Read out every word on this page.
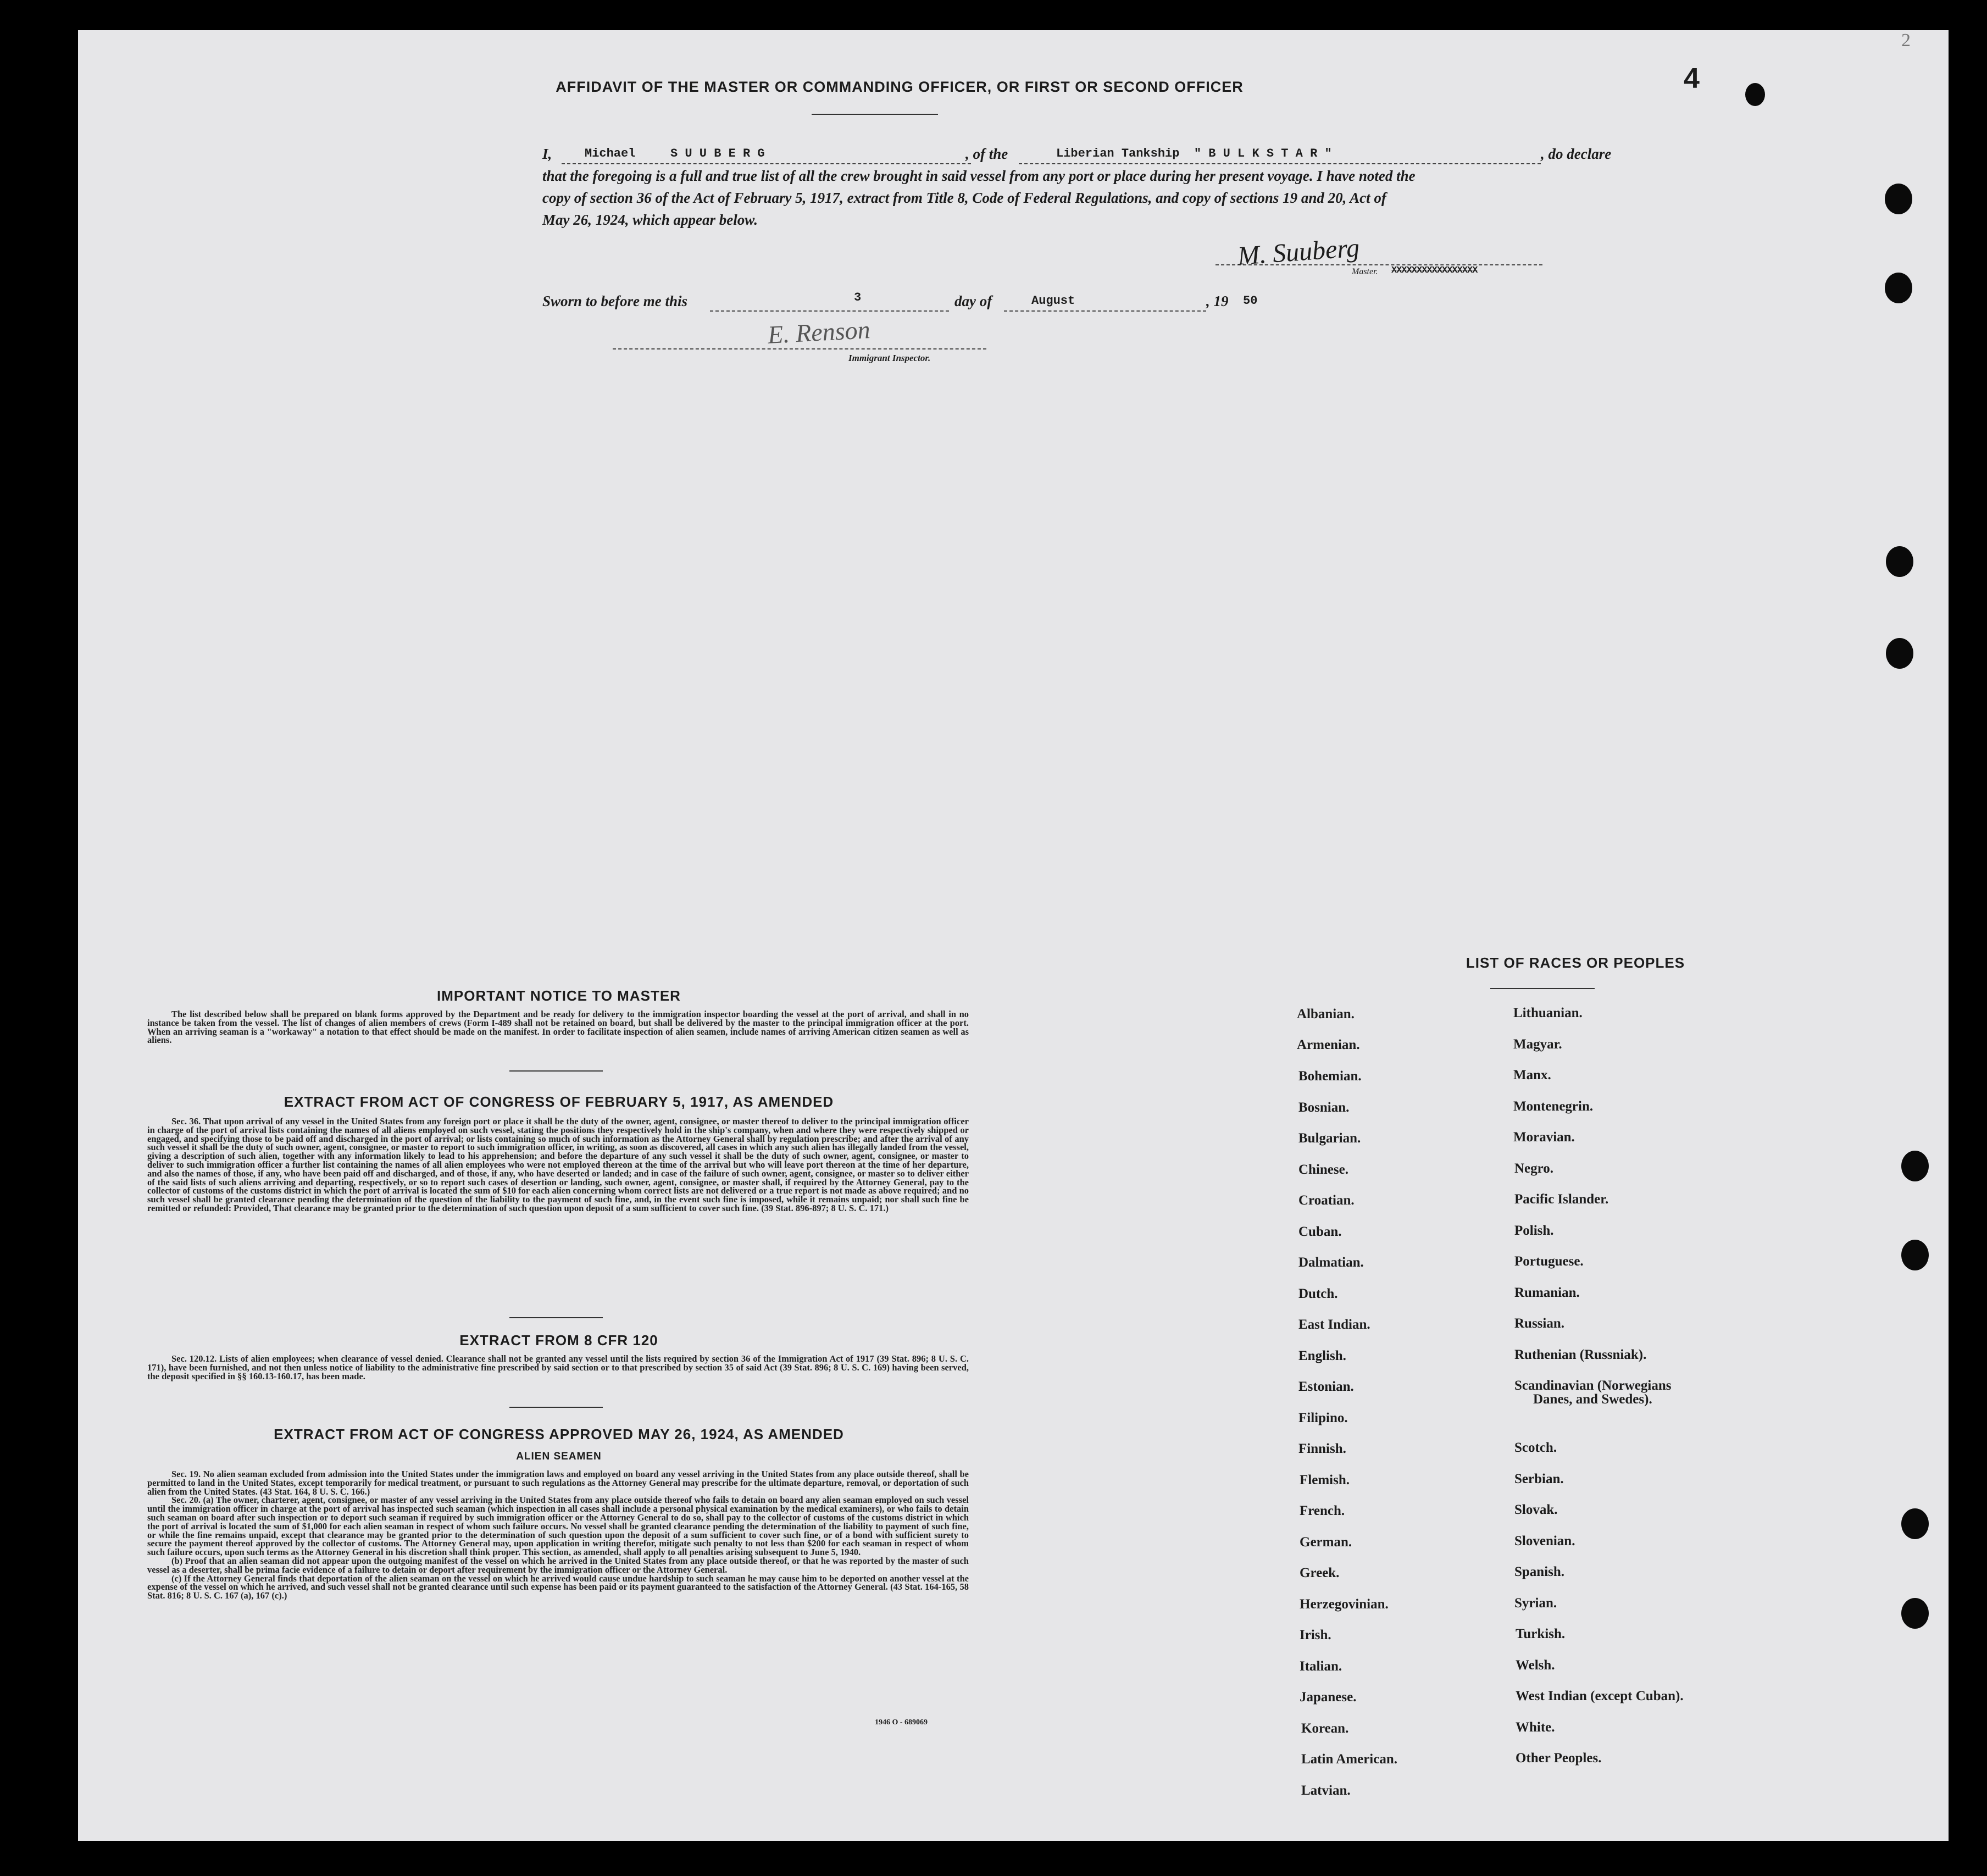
4
2
AFFIDAVIT OF THE MASTER OR COMMANDING OFFICER, OR FIRST OR SECOND OFFICER
I,	Michael	S U U B E R G	, of the	Liberian Tankship  " B U L K S T A R "	, do declare
that the foregoing is a full and true list of all the crew brought in said vessel from any port or place during her present voyage. I have noted the
copy of section 36 of the Act of February 5, 1917, extract from Title 8, Code of Federal Regulations, and copy of sections 19 and 20, Act of
May 26, 1924, which appear below.
M. Suuberg
Master. XXXXXXXXXXXXXXXXX
Sworn to before me this	3	day of	August	, 19 50
E. Renson
Immigrant Inspector.
IMPORTANT NOTICE TO MASTER

The list described below shall be prepared on blank forms approved by the Department and be ready for delivery to the immigration inspector boarding the vessel at the port of arrival, and shall in no instance be taken from the vessel. The list of changes of alien members of crews (Form I-489 shall not be retained on board, but shall be delivered by the master to the principal immigration officer at the port. When an arriving seaman is a "workaway" a notation to that effect should be made on the manifest. In order to facilitate inspection of alien seamen, include names of arriving American citizen seamen as well as aliens.

EXTRACT FROM ACT OF CONGRESS OF FEBRUARY 5, 1917, AS AMENDED

Sec. 36. That upon arrival of any vessel in the United States from any foreign port or place it shall be the duty of the owner, agent, consignee, or master thereof to deliver to the principal immigration officer in charge of the port of arrival lists containing the names of all aliens employed on such vessel, stating the positions they respectively hold in the ship's company, when and where they were respectively shipped or engaged, and specifying those to be paid off and discharged in the port of arrival; or lists containing so much of such information as the Attorney General shall by regulation prescribe; and after the arrival of any such vessel it shall be the duty of such owner, agent, consignee, or master to report to such immigration officer, in writing, as soon as discovered, all cases in which any such alien has illegally landed from the vessel, giving a description of such alien, together with any information likely to lead to his apprehension; and before the departure of any such vessel it shall be the duty of such owner, agent, consignee, or master to deliver to such immigration officer a further list containing the names of all alien employees who were not employed thereon at the time of the arrival but who will leave port thereon at the time of her departure, and also the names of those, if any, who have been paid off and discharged, and of those, if any, who have deserted or landed; and in case of the failure of such owner, agent, consignee, or master so to deliver either of the said lists of such aliens arriving and departing, respectively, or so to report such cases of desertion or landing, such owner, agent, consignee, or master shall, if required by the Attorney General, pay to the collector of customs of the customs district in which the port of arrival is located the sum of $10 for each alien concerning whom correct lists are not delivered or a true report is not made as above required; and no such vessel shall be granted clearance pending the determination of the question of the liability to the payment of such fine, and, in the event such fine is imposed, while it remains unpaid; nor shall such fine be remitted or refunded: Provided, That clearance may be granted prior to the determination of such question upon deposit of a sum sufficient to cover such fine. (39 Stat. 896-897; 8 U. S. C. 171.)

EXTRACT FROM 8 CFR 120

Sec. 120.12. Lists of alien employees; when clearance of vessel denied. Clearance shall not be granted any vessel until the lists required by section 36 of the Immigration Act of 1917 (39 Stat. 896; 8 U. S. C. 171), have been furnished, and not then unless notice of liability to the administrative fine prescribed by said section or to that prescribed by section 35 of said Act (39 Stat. 896; 8 U. S. C. 169) having been served, the deposit specified in §§ 160.13-160.17, has been made.

EXTRACT FROM ACT OF CONGRESS APPROVED MAY 26, 1924, AS AMENDED
ALIEN SEAMEN

Sec. 19. No alien seaman excluded from admission into the United States under the immigration laws and employed on board any vessel arriving in the United States from any place outside thereof, shall be permitted to land in the United States, except temporarily for medical treatment, or pursuant to such regulations as the Attorney General may prescribe for the ultimate departure, removal, or deportation of such alien from the United States. (43 Stat. 164, 8 U. S. C. 166.)

Sec. 20. (a) The owner, charterer, agent, consignee, or master of any vessel arriving in the United States from any place outside thereof who fails to detain on board any alien seaman employed on such vessel until the immigration officer in charge at the port of arrival has inspected such seaman (which inspection in all cases shall include a personal physical examination by the medical examiners), or who fails to detain such seaman on board after such inspection or to deport such seaman if required by such immigration officer or the Attorney General to do so, shall pay to the collector of customs of the customs district in which the port of arrival is located the sum of $1,000 for each alien seaman in respect of whom such failure occurs. No vessel shall be granted clearance pending the determination of the liability to payment of such fine, or while the fine remains unpaid, except that clearance may be granted prior to the determination of such question upon the deposit of a sum sufficient to cover such fine, or of a bond with sufficient surety to secure the payment thereof approved by the collector of customs. The Attorney General may, upon application in writing therefor, mitigate such penalty to not less than $200 for each seaman in respect of whom such failure occurs, upon such terms as the Attorney General in his discretion shall think proper. This section, as amended, shall apply to all penalties arising subsequent to June 5, 1940.

(b) Proof that an alien seaman did not appear upon the outgoing manifest of the vessel on which he arrived in the United States from any place outside thereof, or that he was reported by the master of such vessel as a deserter, shall be prima facie evidence of a failure to detain or deport after requirement by the immigration officer or the Attorney General.

(c) If the Attorney General finds that deportation of the alien seaman on the vessel on which he arrived would cause undue hardship to such seaman he may cause him to be deported on another vessel at the expense of the vessel on which he arrived, and such vessel shall not be granted clearance until such expense has been paid or its payment guaranteed to the satisfaction of the Attorney General. (43 Stat. 164-165, 58 Stat. 816; 8 U. S. C. 167 (a), 167 (c).)

1946 O - 689069
LIST OF RACES OR PEOPLES
Albanian.
Armenian.
Bohemian.
Bosnian.
Bulgarian.
Chinese.
Croatian.
Cuban.
Dalmatian.
Dutch.
East Indian.
English.
Estonian.
Filipino.
Finnish.
Flemish.
French.
German.
Greek.
Herzegovinian.
Irish.
Italian.
Japanese.
Korean.
Latin American.
Latvian.
Lithuanian.
Magyar.
Manx.
Montenegrin.
Moravian.
Negro.
Pacific Islander.
Polish.
Portuguese.
Rumanian.
Russian.
Ruthenian (Russniak).
Scandinavian (Norwegians
Danes, and Swedes).
Scotch.
Serbian.
Slovak.
Slovenian.
Spanish.
Syrian.
Turkish.
Welsh.
West Indian (except Cuban).
White.
Other Peoples.
